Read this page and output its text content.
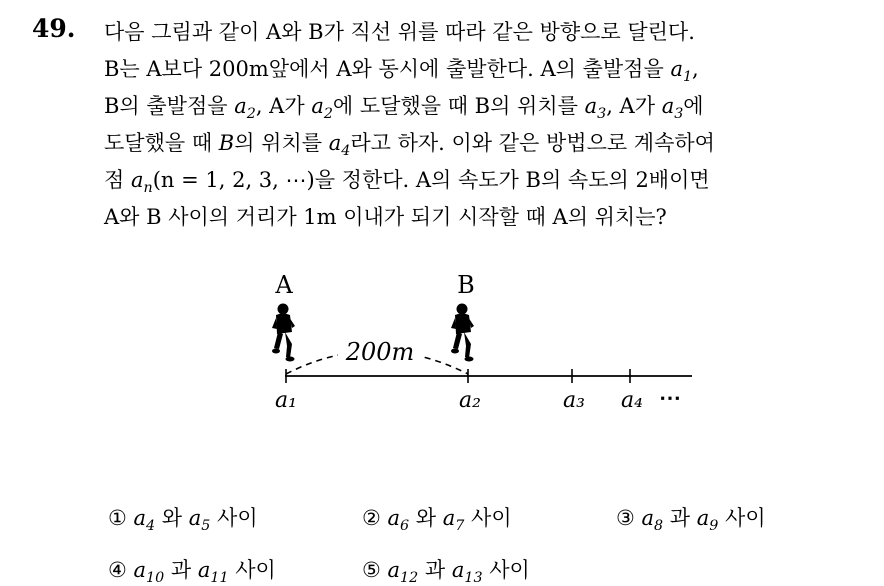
49. 다음 그림과 같이 A와 B가 직선 위를 따라 같은 방향으로 달린다.
B는 A보다 200m앞에서 A와 동시에 출발한다. A의 출발점을 $a_1$,
B의 출발점을 $a_2$, A가 $a_2$에 도달했을 때 B의 위치를 $a_3$, A가 $a_3$에
도달했을 때 B의 위치를 $a_4$라고 하자. 이와 같은 방법으로 계속하여
점 $a_n(n = 1$, 2, 3, ⋯)을 정한다. A의 속도가 B의 속도의 2배이면
A와 B 사이의 거리가 1m 이내가 되기 시작할 때 A의 위치는?
A	B
200m
a₁	a₂	a₃ a₄ ⋯
① $a_4$ 와 $a_5$ 사이	② $a_6$ 와 $a_7$ 사이	③ $a_8$ 과 $a_9$ 사이
④ $a_{10}$ 과 $a_{11}$ 사이	⑤ $a_{12}$ 과 $a_{13}$ 사이
